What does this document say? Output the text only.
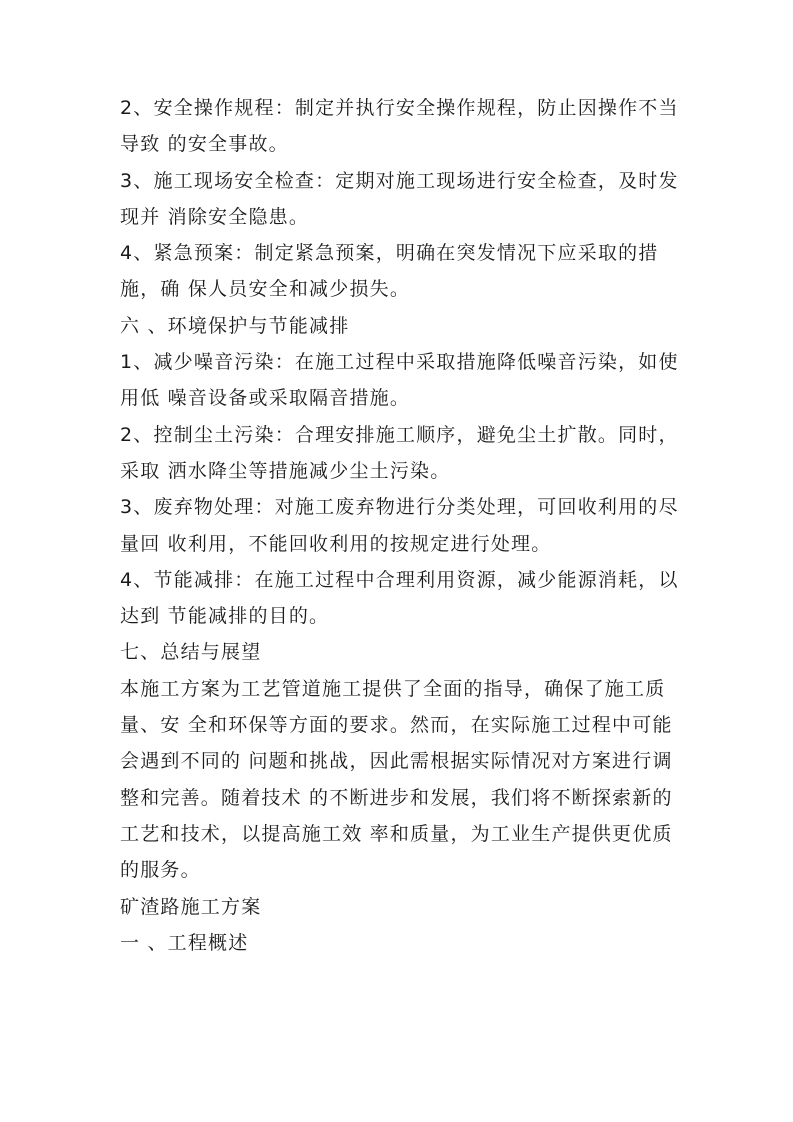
2、安全操作规程：制定并执行安全操作规程，防止因操作不当导致 的安全事故。

3、施工现场安全检查：定期对施工现场进行安全检查，及时发现并 消除安全隐患。

4、紧急预案：制定紧急预案，明确在突发情况下应采取的措施，确 保人员安全和减少损失。

六 、环境保护与节能减排

1、减少噪音污染：在施工过程中采取措施降低噪音污染，如使用低 噪音设备或采取隔音措施。

2、控制尘土污染：合理安排施工顺序，避免尘土扩散。同时，采取 洒水降尘等措施减少尘土污染。

3、废弃物处理：对施工废弃物进行分类处理，可回收利用的尽量回 收利用，不能回收利用的按规定进行处理。

4、节能减排：在施工过程中合理利用资源，减少能源消耗，以达到 节能减排的目的。

七、总结与展望

本施工方案为工艺管道施工提供了全面的指导，确保了施工质量、安 全和环保等方面的要求。然而，在实际施工过程中可能会遇到不同的 问题和挑战，因此需根据实际情况对方案进行调整和完善。随着技术 的不断进步和发展，我们将不断探索新的工艺和技术，以提高施工效 率和质量，为工业生产提供更优质的服务。

矿渣路施工方案

一 、工程概述
